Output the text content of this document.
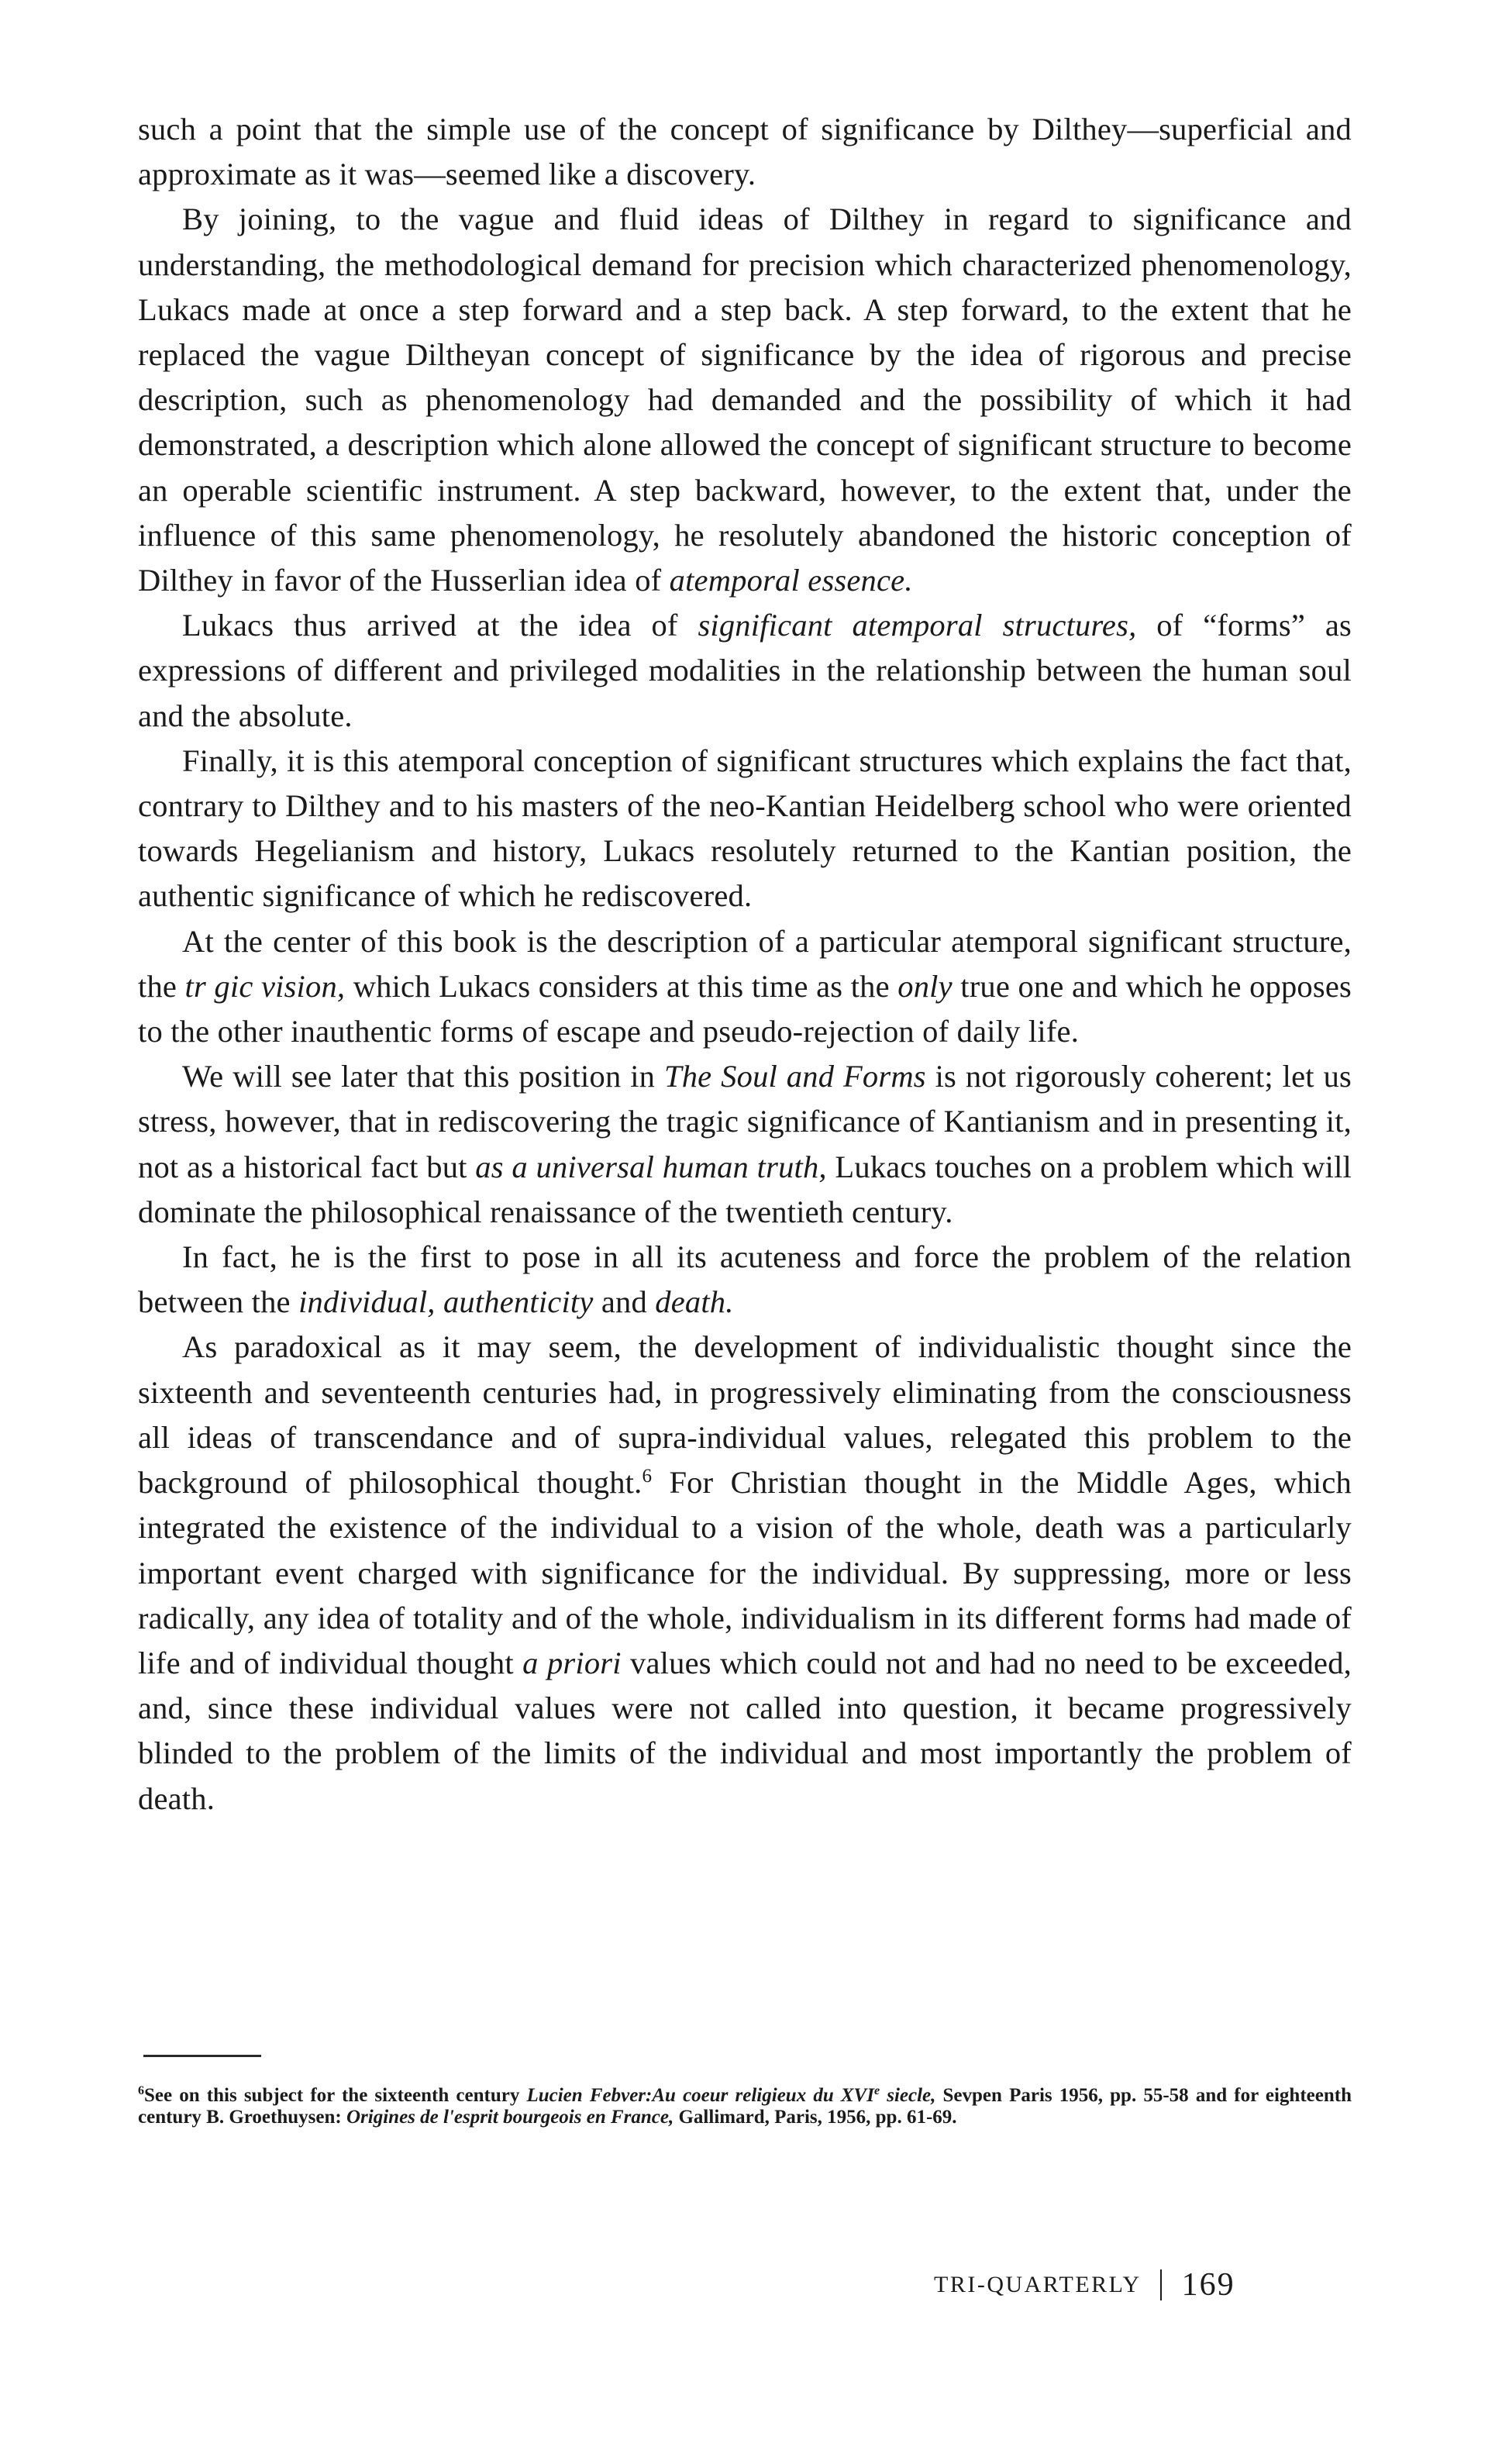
such a point that the simple use of the concept of significance by Dilthey—superficial and approximate as it was—seemed like a discovery.

By joining, to the vague and fluid ideas of Dilthey in regard to significance and understanding, the methodological demand for precision which characterized phenomenology, Lukacs made at once a step forward and a step back. A step forward, to the extent that he replaced the vague Diltheyan concept of significance by the idea of rigorous and precise description, such as phenomenology had demanded and the possibility of which it had demonstrated, a description which alone allowed the concept of significant structure to become an operable scientific instrument. A step backward, however, to the extent that, under the influence of this same phenomenology, he resolutely abandoned the historic conception of Dilthey in favor of the Husserlian idea of atemporal essence.

Lukacs thus arrived at the idea of significant atemporal structures, of “forms” as expressions of different and privileged modalities in the relationship between the human soul and the absolute.

Finally, it is this atemporal conception of significant structures which explains the fact that, contrary to Dilthey and to his masters of the neo-Kantian Heidelberg school who were oriented towards Hegelianism and history, Lukacs resolutely returned to the Kantian position, the authentic significance of which he rediscovered.

At the center of this book is the description of a particular atemporal significant structure, the tr gic vision, which Lukacs considers at this time as the only true one and which he opposes to the other inauthentic forms of escape and pseudo-rejection of daily life.

We will see later that this position in The Soul and Forms is not rigorously coherent; let us stress, however, that in rediscovering the tragic significance of Kantianism and in presenting it, not as a historical fact but as a universal human truth, Lukacs touches on a problem which will dominate the philosophical renaissance of the twentieth century.

In fact, he is the first to pose in all its acuteness and force the problem of the relation between the individual, authenticity and death.

As paradoxical as it may seem, the development of individualistic thought since the sixteenth and seventeenth centuries had, in progressively eliminating from the consciousness all ideas of transcendance and of supra-individual values, relegated this problem to the background of philosophical thought.$^6$ For Christian thought in the Middle Ages, which integrated the existence of the individual to a vision of the whole, death was a particularly important event charged with significance for the individual. By suppressing, more or less radically, any idea of totality and of the whole, individualism in its different forms had made of life and of individual thought a priori values which could not and had no need to be exceeded, and, since these individual values were not called into question, it became progressively blinded to the problem of the limits of the individual and most importantly the problem of death.

$^6$See on this subject for the sixteenth century Lucien Febver:Au coeur religieux du XVIe siecle, Sevpen Paris 1956, pp. 55-58 and for eighteenth century B. Groethuysen: Origines de l'esprit bourgeois en France, Gallimard, Paris, 1956, pp. 61-69.
TRI-QUARTERLY 169
